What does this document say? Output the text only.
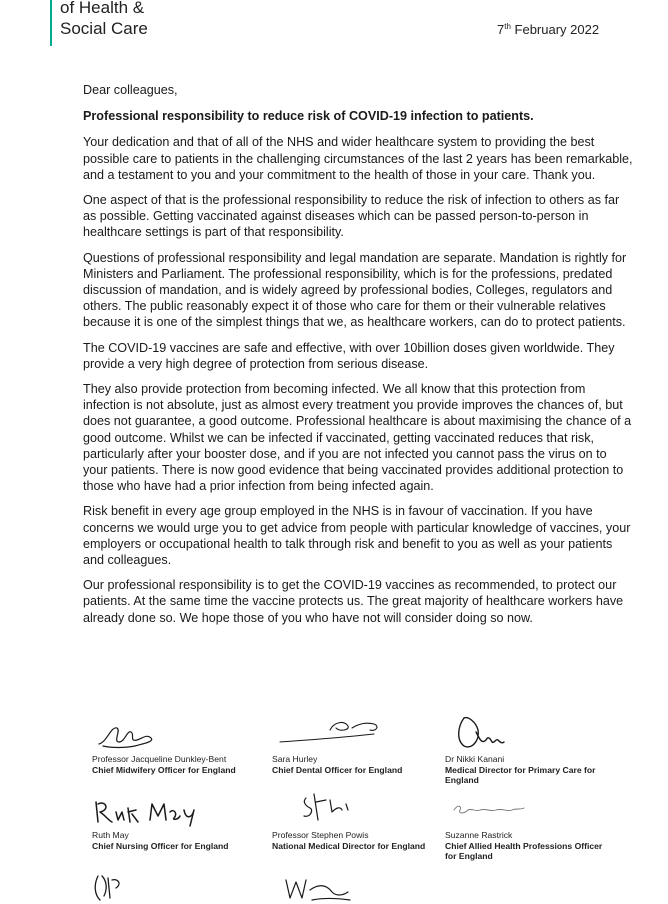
of Health &
Social Care	7th February 2022

Dear colleagues,

Professional responsibility to reduce risk of COVID-19 infection to patients.

Your dedication and that of all of the NHS and wider healthcare system to providing the best possible care to patients in the challenging circumstances of the last 2 years has been remarkable, and a testament to you and your commitment to the health of those in your care. Thank you.

One aspect of that is the professional responsibility to reduce the risk of infection to others as far as possible. Getting vaccinated against diseases which can be passed person-to-person in healthcare settings is part of that responsibility.

Questions of professional responsibility and legal mandation are separate. Mandation is rightly for Ministers and Parliament. The professional responsibility, which is for the professions, predated discussion of mandation, and is widely agreed by professional bodies, Colleges, regulators and others. The public reasonably expect it of those who care for them or their vulnerable relatives because it is one of the simplest things that we, as healthcare workers, can do to protect patients.

The COVID-19 vaccines are safe and effective, with over 10billion doses given worldwide. They provide a very high degree of protection from serious disease.

They also provide protection from becoming infected. We all know that this protection from infection is not absolute, just as almost every treatment you provide improves the chances of, but does not guarantee, a good outcome. Professional healthcare is about maximising the chance of a good outcome. Whilst we can be infected if vaccinated, getting vaccinated reduces that risk, particularly after your booster dose, and if you are not infected you cannot pass the virus on to your patients. There is now good evidence that being vaccinated provides additional protection to those who have had a prior infection from being infected again.

Risk benefit in every age group employed in the NHS is in favour of vaccination. If you have concerns we would urge you to get advice from people with particular knowledge of vaccines, your employers or occupational health to talk through risk and benefit to you as well as your patients and colleagues.

Our professional responsibility is to get the COVID-19 vaccines as recommended, to protect our patients. At the same time the vaccine protects us. The great majority of healthcare workers have already done so. We hope those of you who have not will consider doing so now.

Professor Jacqueline Dunkley-Bent
Chief Midwifery Officer for England
Sara Hurley
Chief Dental Officer for England
Dr Nikki Kanani
Medical Director for Primary Care for England
Ruth May
Chief Nursing Officer for England
Professor Stephen Powis
National Medical Director for England
Suzanne Rastrick
Chief Allied Health Professions Officer for England
